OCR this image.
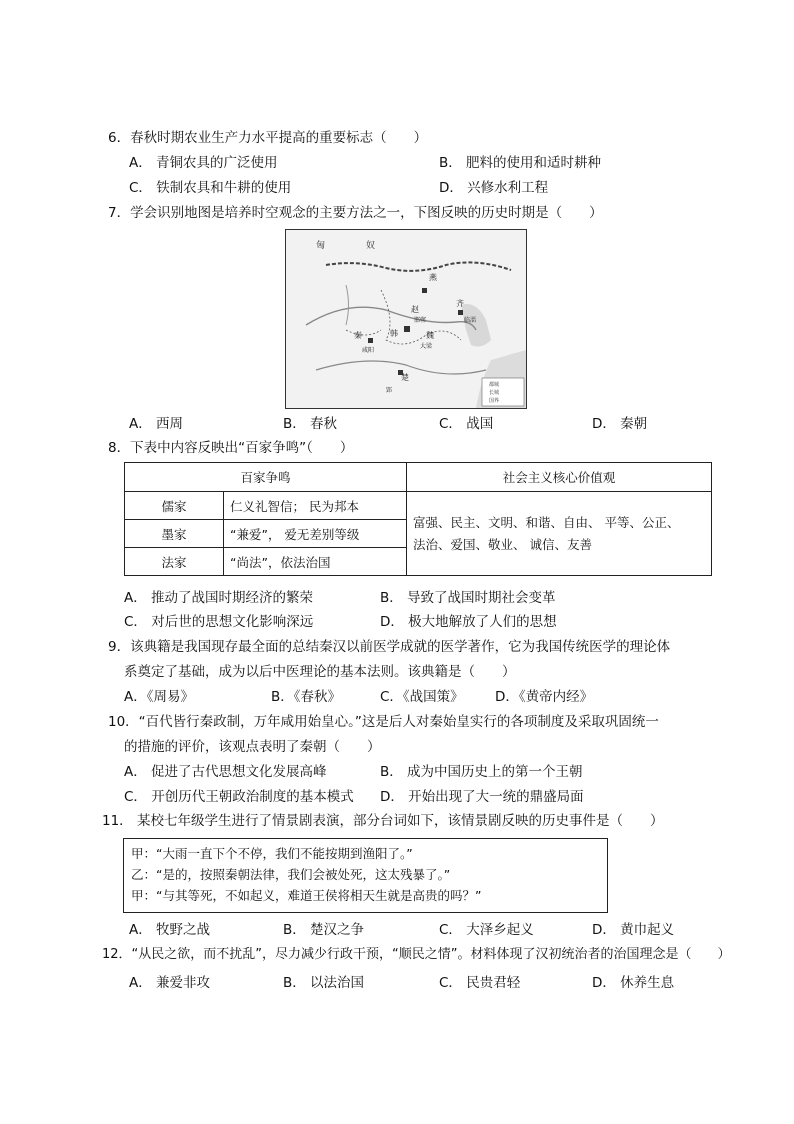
6．春秋时期农业生产力水平提高的重要标志（　　）
A． 青铜农具的广泛使用	B． 肥料的使用和适时耕种
C． 铁制农具和牛耕的使用	D． 兴修水利工程
7．学会识别地图是培养时空观念的主要方法之一，下图反映的历史时期是（　　）
匈	奴
燕
赵
邯郸
齐
临淄
秦
咸阳
韩	魏
大梁
楚
郢
都城
长城
国界
A． 西周	B． 春秋	C． 战国	D． 秦朝
8．下表中内容反映出“百家争鸣”（　　）
百家争鸣		社会主义核心价值观
儒家	仁义礼智信； 民为邦本	富强、民主、文明、和谐、自由、 平等、公正、
法治、爱国、敬业、 诚信、友善

墨家	“兼爱”， 爱无差别等级	
法家	“尚法”，依法治国	
A． 推动了战国时期经济的繁荣	B． 导致了战国时期社会变革
C． 对后世的思想文化影响深远	D． 极大地解放了人们的思想
9．该典籍是我国现存最全面的总结秦汉以前医学成就的医学著作，它为我国传统医学的理论体
系奠定了基础，成为以后中医理论的基本法则。该典籍是（　　）
A．《周易》	B．《春秋》	C．《战国策》 D．《黄帝内经》
10．“百代皆行秦政制，万年咸用始皇心。”这是后人对秦始皇实行的各项制度及采取巩固统一
的措施的评价，该观点表明了秦朝（　　）
A． 促进了古代思想文化发展高峰	B． 成为中国历史上的第一个王朝
C． 开创历代王朝政治制度的基本模式 D． 开始出现了大一统的鼎盛局面
11． 某校七年级学生进行了情景剧表演，部分台词如下，该情景剧反映的历史事件是（　　）
甲：“大雨一直下个不停，我们不能按期到渔阳了。”
乙：“是的，按照秦朝法律，我们会被处死，这太残暴了。”
甲：“与其等死，不如起义，难道王侯将相天生就是高贵的吗？”
A． 牧野之战	B． 楚汉之争	C． 大泽乡起义	D． 黄巾起义
12．“从民之欲，而不扰乱”，尽力减少行政干预，“顺民之情”。材料体现了汉初统治者的治国理念是（　　）
A． 兼爱非攻	B． 以法治国	C． 民贵君轻	D． 休养生息
